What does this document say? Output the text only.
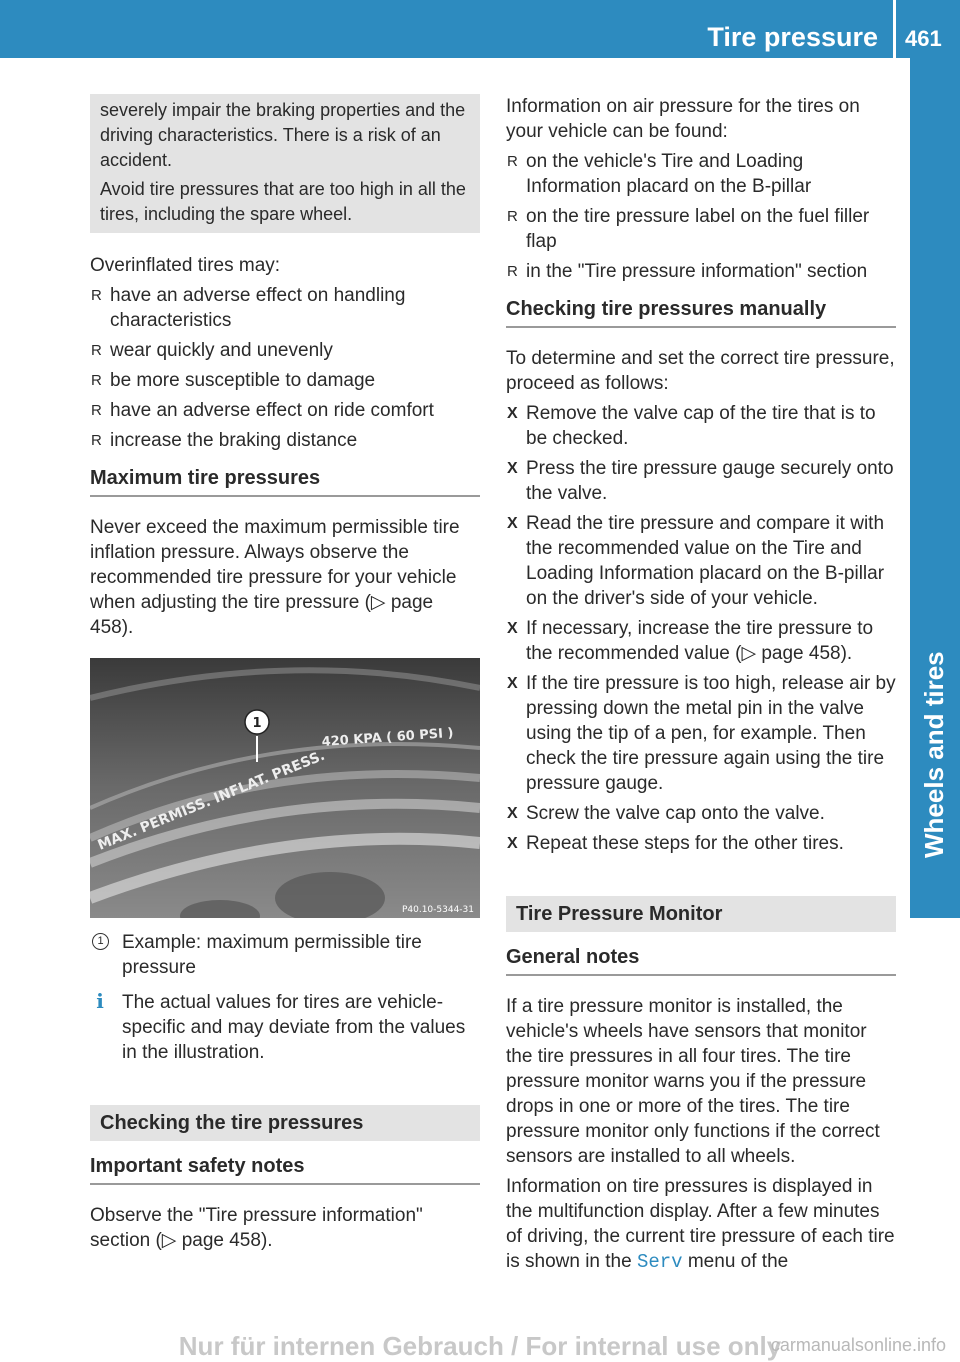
Tire pressure 461
Wheels and tires

severely impair the braking properties and the driving characteristics. There is a risk of an accident.

Avoid tire pressures that are too high in all the tires, including the spare wheel.

Overinflated tires may:

R have an adverse effect on handling characteristics
R wear quickly and unevenly
R be more susceptible to damage
R have an adverse effect on ride comfort
R increase the braking distance
Maximum tire pressures

Never exceed the maximum permissible tire inflation pressure. Always observe the recommended tire pressure for your vehicle when adjusting the tire pressure (▷ page 458).

MAX. PERMISS. INFLAT. PRESS.
420 KPA ( 60 PSI )
1
P40.10-5344-31
1 Example: maximum permissible tire pressure
i The actual values for tires are vehicle-specific and may deviate from the values in the illustration.
Checking the tire pressures
Important safety notes

Observe the "Tire pressure information" section (▷ page 458).

Information on air pressure for the tires on your vehicle can be found:

R on the vehicle's Tire and Loading Information placard on the B-pillar
R on the tire pressure label on the fuel filler flap
R in the "Tire pressure information" section
Checking tire pressures manually

To determine and set the correct tire pressure, proceed as follows:

X Remove the valve cap of the tire that is to be checked.
X Press the tire pressure gauge securely onto the valve.
X Read the tire pressure and compare it with the recommended value on the Tire and Loading Information placard on the B-pillar on the driver's side of your vehicle.
X If necessary, increase the tire pressure to the recommended value (▷ page 458).
X If the tire pressure is too high, release air by pressing down the metal pin in the valve using the tip of a pen, for example. Then check the tire pressure again using the tire pressure gauge.
X Screw the valve cap onto the valve.
X Repeat these steps for the other tires.
Tire Pressure Monitor
General notes

If a tire pressure monitor is installed, the vehicle's wheels have sensors that monitor the tire pressures in all four tires. The tire pressure monitor warns you if the pressure drops in one or more of the tires. The tire pressure monitor only functions if the correct sensors are installed to all wheels.

Information on tire pressures is displayed in the multifunction display. After a few minutes of driving, the current tire pressure of each tire is shown in the Serv menu of the

Nur für internen Gebrauch / For internal use only
carmanualsonline.info
